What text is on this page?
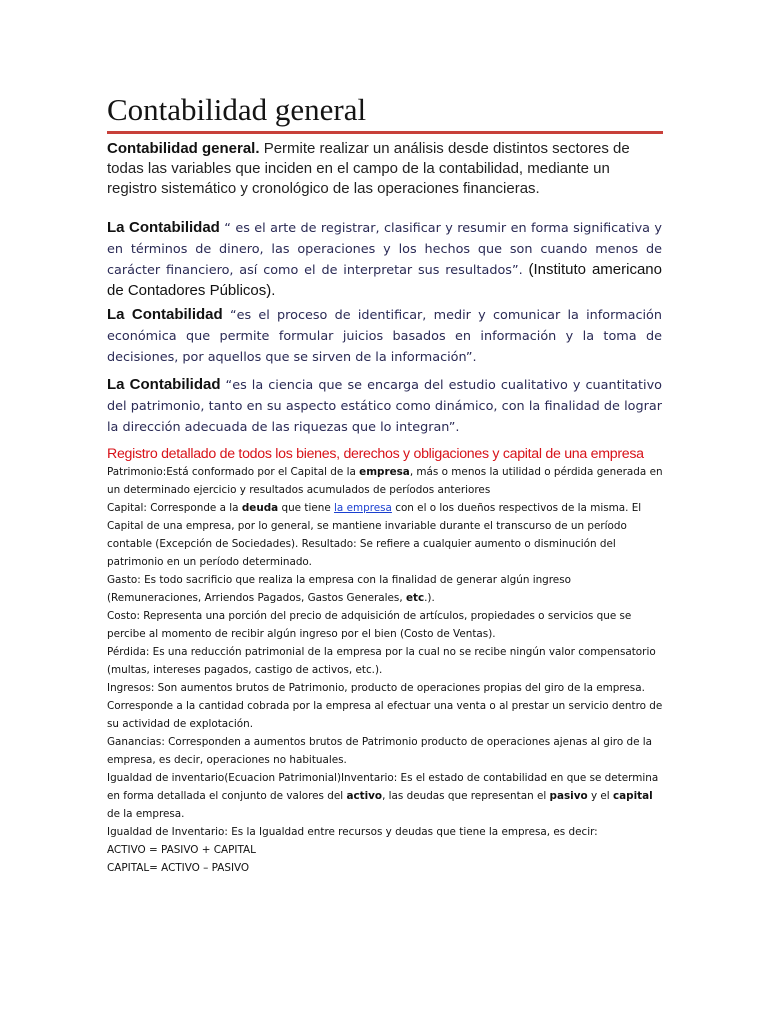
Contabilidad general
Contabilidad general. Permite realizar un análisis desde distintos sectores de todas las variables que inciden en el campo de la contabilidad, mediante un registro sistemático y cronológico de las operaciones financieras.
La Contabilidad “ es el arte de registrar, clasificar y resumir en forma significativa y en términos de dinero, las operaciones y los hechos que son cuando menos de carácter financiero, así como el de interpretar sus resultados”. (Instituto americano de Contadores Públicos).
La Contabilidad “es el proceso de identificar, medir y comunicar la información económica que permite formular juicios basados en información y la toma de decisiones, por aquellos que se sirven de la información”.
La Contabilidad “es la ciencia que se encarga del estudio cualitativo y cuantitativo del patrimonio, tanto en su aspecto estático como dinámico, con la finalidad de lograr la dirección adecuada de las riquezas que lo integran”.
Registro detallado de todos los bienes, derechos y obligaciones y capital de una empresa
Patrimonio:Está conformado por el Capital de la empresa, más o menos la utilidad o pérdida generada en un determinado ejercicio y resultados acumulados de períodos anteriores
Capital: Corresponde a la deuda que tiene la empresa con el o los dueños respectivos de la misma. El Capital de una empresa, por lo general, se mantiene invariable durante el transcurso de un período contable (Excepción de Sociedades). Resultado: Se refiere a cualquier aumento o disminución del patrimonio en un período determinado.
Gasto: Es todo sacrificio que realiza la empresa con la finalidad de generar algún ingreso (Remuneraciones, Arriendos Pagados, Gastos Generales, etc.).
Costo: Representa una porción del precio de adquisición de artículos, propiedades o servicios que se percibe al momento de recibir algún ingreso por el bien (Costo de Ventas).
Pérdida: Es una reducción patrimonial de la empresa por la cual no se recibe ningún valor compensatorio (multas, intereses pagados, castigo de activos, etc.).
Ingresos: Son aumentos brutos de Patrimonio, producto de operaciones propias del giro de la empresa. Corresponde a la cantidad cobrada por la empresa al efectuar una venta o al prestar un servicio dentro de su actividad de explotación.
Ganancias: Corresponden a aumentos brutos de Patrimonio producto de operaciones ajenas al giro de la empresa, es decir, operaciones no habituales.
Igualdad de inventario(Ecuacion Patrimonial)Inventario: Es el estado de contabilidad en que se determina en forma detallada el conjunto de valores del activo, las deudas que representan el pasivo y el capital de la empresa.
Igualdad de Inventario: Es la Igualdad entre recursos y deudas que tiene la empresa, es decir:
ACTIVO = PASIVO + CAPITAL
CAPITAL= ACTIVO – PASIVO
